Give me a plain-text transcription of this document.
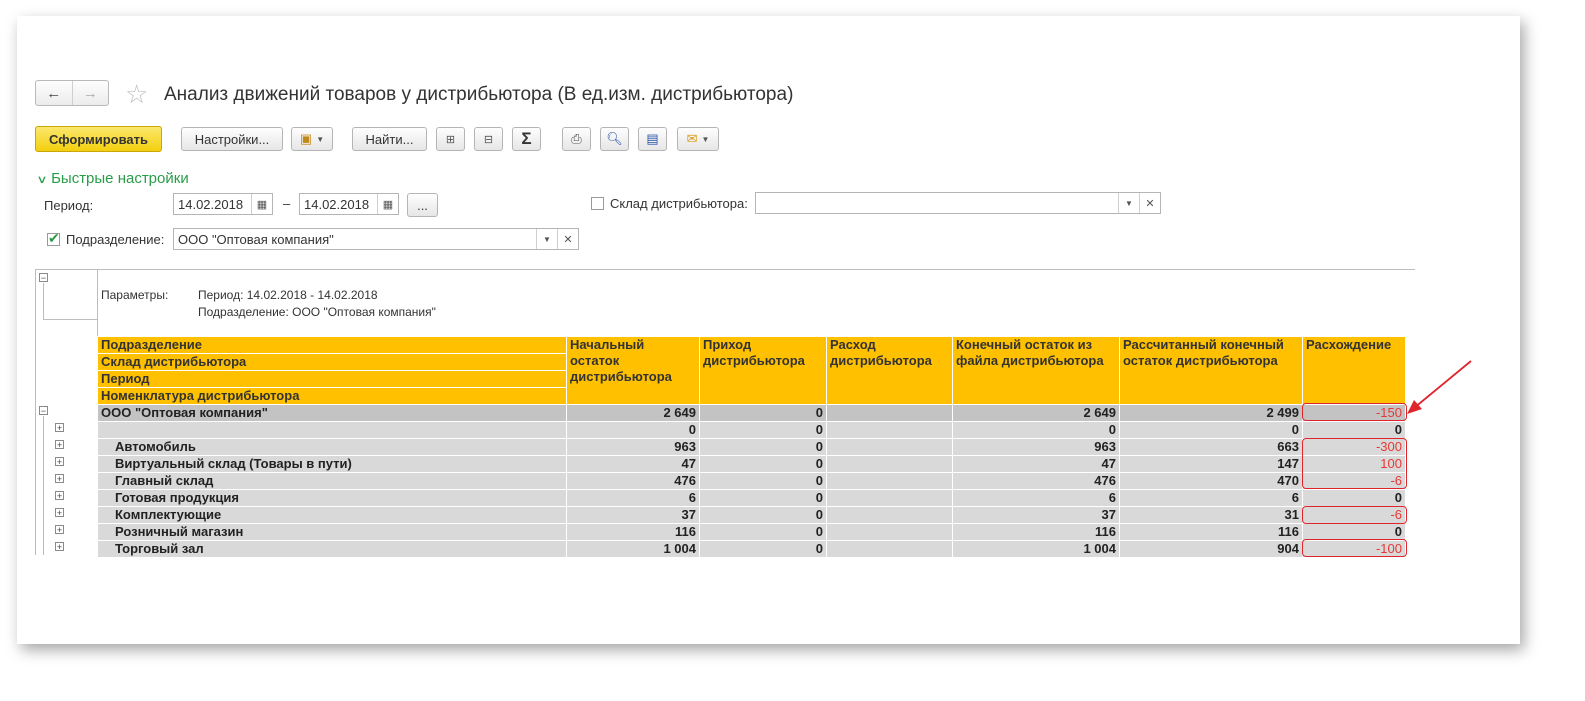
←	→	☆ Анализ движений товаров у дистрибьютора (В ед.изм. дистрибьютора)
Сформировать	Настройки...	▣ ▼	Найти...	⊞	⊟ Σ	⎙ 🔍︎ ▤ ✉ ▼
∨ Быстрые настройки
Период:	14.02.2018	▦	–	14.02.2018	▦	...	Склад дистрибьютора:	▼	✕
✔
Подразделение:	ООО "Оптовая компания"	▼	✕
−
Параметры: Период: 14.02.2018 - 14.02.2018
Подразделение: ООО "Оптовая компания"
−
+
+
+
+
+
+
+
+
Подразделение
Склад дистрибьютора
Период
Номенклатура дистрибьютора	Начальный остаток дистрибьютора	Приход дистрибьютора	Расход дистрибьютора	Конечный остаток из файла дистрибьютора	Рассчитанный конечный остаток дистрибьютора	Расхождение
ООО "Оптовая компания"	2 649	0		2 649	2 499	-150
	0	0		0	0	0
Автомобиль	963	0		963	663	-300
Виртуальный склад (Товары в пути)	47	0		47	147	100
Главный склад	476	0		476	470	-6
Готовая продукция	6	0		6	6	0
Комплектующие	37	0		37	31	-6
Розничный магазин	116	0		116	116	0
Торговый зал	1 004	0		1 004	904	-100
